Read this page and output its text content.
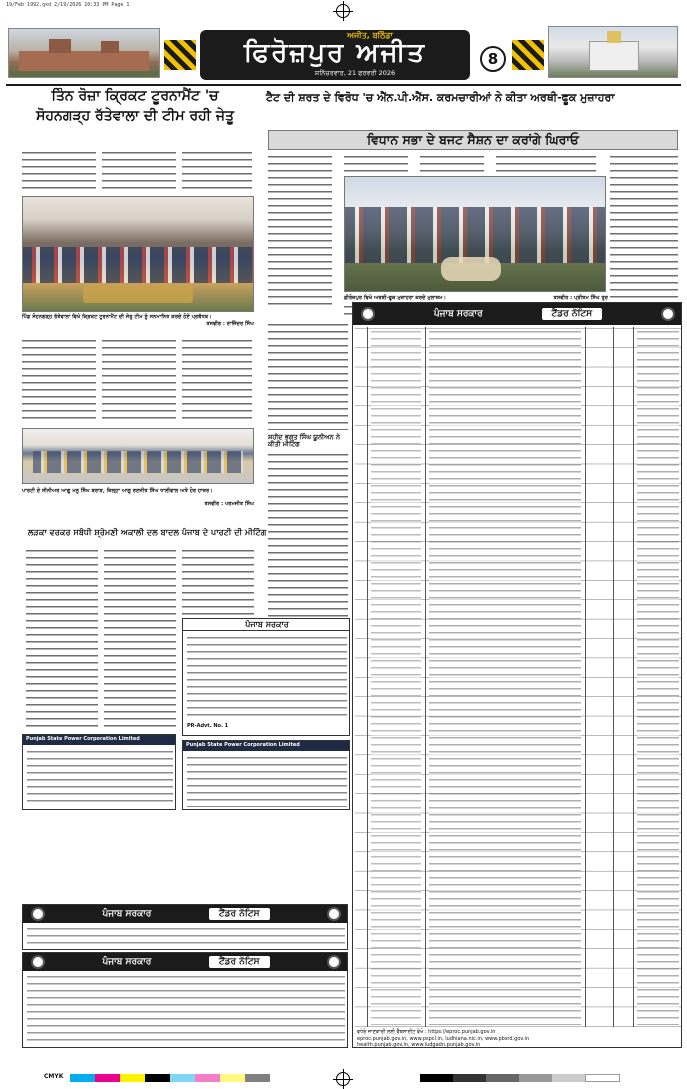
19/Feb 1992.qxd 2/19/2026 10:33 PM Page 1
ਅਜੀਤ, ਬਠਿੰਡਾ
ਫਿਰੋਜ਼ਪੁਰ ਅਜੀਤ
ਸ਼ਨਿੱਚਰਵਾਰ, 21 ਫਰਵਰੀ 2026
8
ਤਿੰਨ ਰੋਜ਼ਾ ਕ੍ਰਿਕਟ ਟੂਰਨਾਮੈਂਟ 'ਚ
ਸੋਹਨਗੜ੍ਹ ਰੱਤੇਵਾਲਾ ਦੀ ਟੀਮ ਰਹੀ ਜੇਤੂ
ਪਿੰਡ ਸੋਹਨਗੜ੍ਹ ਰੱਤੇਵਾਲਾ ਵਿਖੇ ਕ੍ਰਿਕਟ ਟੂਰਨਾਮੈਂਟ ਦੀ ਜੇਤੂ ਟੀਮ ਨੂੰ ਸਨਮਾਨਿਤ ਕਰਦੇ ਹੋਏ ਪ੍ਰਬੰਧਕ।
ਤਸਵੀਰ : ਰਾਜਿੰਦਰ ਸਿੰਘ
ਪਾਰਟੀ ਦੇ ਸੀਨੀਅਰ ਆਗੂ ਮਨੂ ਸਿੰਘ ਬਰਾੜ, ਜ਼ਿਲ੍ਹਾ ਆਗੂ ਰਣਜੀਤ ਸਿੰਘ ਧਾਲੀਵਾਲ ਅਤੇ ਹੋਰ ਹਾਜ਼ਰ।
ਤਸਵੀਰ : ਪਰਮਜੀਤ ਸਿੰਘ
ਟੈਟ ਦੀ ਸ਼ਰਤ ਦੇ ਵਿਰੋਧ 'ਚ ਐੱਨ.ਪੀ.ਐੱਸ. ਕਰਮਚਾਰੀਆਂ ਨੇ ਕੀਤਾ ਅਰਥੀ-ਫੂਕ ਮੁਜ਼ਾਹਰਾ
ਵਿਧਾਨ ਸਭਾ ਦੇ ਬਜਟ ਸੈਸ਼ਨ ਦਾ ਕਰਾਂਗੇ ਘਿਰਾਓ
ਫ਼ੀਰੋਜ਼ਪੁਰ ਵਿਖੇ ਅਰਥੀ-ਫੂਕ ਮੁਜ਼ਾਹਰਾ ਕਰਦੇ ਮੁਲਾਜ਼ਮ।	ਤਸਵੀਰ : ਪ੍ਰੀਤਮ ਸਿੰਘ ਤੂਰ
ਪੰਜਾਬ ਸਰਕਾਰ	ਟੈਂਡਰ ਨੋਟਿਸ
ਵਧੇਰੇ ਜਾਣਕਾਰੀ ਲਈ ਵੈੱਬਸਾਈਟ ਵੇਖੋ : https://eproc.punjab.gov.in
eproc.punjab.gov.in, www.pspcl.in, ludhiana.nic.in, www.pbsrd.gov.in
health.punjab.gov.in, www.ludgadn.punjab.gov.in
ਸ਼ਹੀਦ ਭਗਤ ਸਿੰਘ ਯੂਨੀਅਨ ਨੇ ਕੀਤੀ ਮੀਟਿੰਗ
ਲੜਕਾ ਵਰਕਰ ਸਬੰਧੀ ਸ਼੍ਰੋਮਣੀ ਅਕਾਲੀ ਦਲ ਬਾਦਲ ਪੰਜਾਬ ਦੇ ਪਾਰਟੀ ਦੀ ਮੀਟਿੰਗ
ਪੰਜਾਬ ਸਰਕਾਰ
PR-Advt. No. 1
Punjab State Power Corporation Limited
Punjab State Power Corporation Limited
ਪੰਜਾਬ ਸਰਕਾਰ	ਟੈਂਡਰ ਨੋਟਿਸ
ਪੰਜਾਬ ਸਰਕਾਰ	ਟੈਂਡਰ ਨੋਟਿਸ
CMYK
